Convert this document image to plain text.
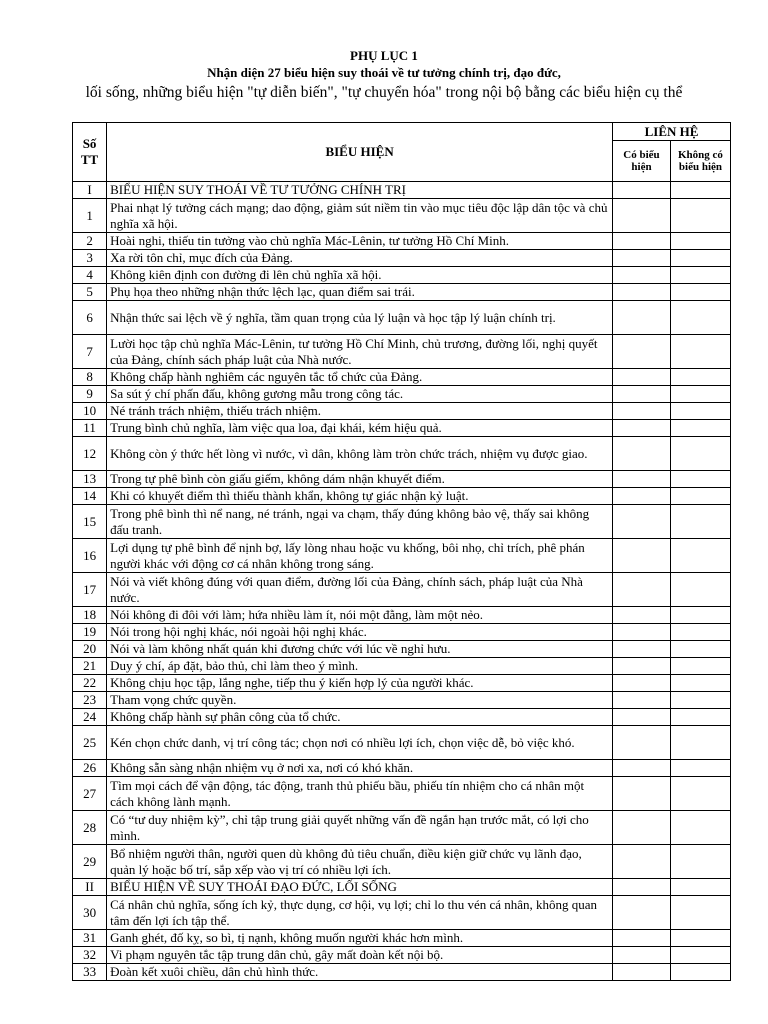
PHỤ LỤC 1
Nhận diện 27 biểu hiện suy thoái về tư tưởng chính trị, đạo đức,
lối sống, những biểu hiện "tự diễn biến", "tự chuyển hóa" trong nội bộ bằng các biểu hiện cụ thể
Số TT	BIỂU HIỆN	LIÊN HỆ	
		Có biểu hiện	Không có biểu hiện
I	BIỂU HIỆN SUY THOÁI VỀ TƯ TƯỞNG CHÍNH TRỊ		
1	Phai nhạt lý tưởng cách mạng; dao động, giảm sút niềm tin vào mục tiêu độc lập dân tộc và chủ nghĩa xã hội.		
2	Hoài nghi, thiếu tin tưởng vào chủ nghĩa Mác-Lênin, tư tưởng Hồ Chí Minh.		
3	Xa rời tôn chỉ, mục đích của Đảng.		
4	Không kiên định con đường đi lên chủ nghĩa xã hội.		
5	Phụ họa theo những nhận thức lệch lạc, quan điểm sai trái.		
6	Nhận thức sai lệch về ý nghĩa, tầm quan trọng của lý luận và học tập lý luận chính trị.		
7	Lười học tập chủ nghĩa Mác-Lênin, tư tưởng Hồ Chí Minh, chủ trương, đường lối, nghị quyết của Đảng, chính sách pháp luật của Nhà nước.		
8	Không chấp hành nghiêm các nguyên tắc tổ chức của Đảng.		
9	Sa sút ý chí phấn đấu, không gương mẫu trong công tác.		
10	Né tránh trách nhiệm, thiếu trách nhiệm.		
11	Trung bình chủ nghĩa, làm việc qua loa, đại khái, kém hiệu quả.		
12	Không còn ý thức hết lòng vì nước, vì dân, không làm tròn chức trách, nhiệm vụ được giao.		
13	Trong tự phê bình còn giấu giếm, không dám nhận khuyết điểm.		
14	Khi có khuyết điểm thì thiếu thành khẩn, không tự giác nhận kỷ luật.		
15	Trong phê bình thì nể nang, né tránh, ngại va chạm, thấy đúng không bảo vệ, thấy sai không đấu tranh.		
16	Lợi dụng tự phê bình để nịnh bợ, lấy lòng nhau hoặc vu khống, bôi nhọ, chỉ trích, phê phán người khác với động cơ cá nhân không trong sáng.		
17	Nói và viết không đúng với quan điểm, đường lối của Đảng, chính sách, pháp luật của Nhà nước.		
18	Nói không đi đôi với làm; hứa nhiều làm ít, nói một đằng, làm một nẻo.		
19	Nói trong hội nghị khác, nói ngoài hội nghị khác.		
20	Nói và làm không nhất quán khi đương chức với lúc về nghỉ hưu.		
21	Duy ý chí, áp đặt, bảo thủ, chỉ làm theo ý mình.		
22	Không chịu học tập, lắng nghe, tiếp thu ý kiến hợp lý của người khác.		
23	Tham vọng chức quyền.		
24	Không chấp hành sự phân công của tổ chức.		
25	Kén chọn chức danh, vị trí công tác; chọn nơi có nhiều lợi ích, chọn việc dễ, bỏ việc khó.		
26	Không sẵn sàng nhận nhiệm vụ ở nơi xa, nơi có khó khăn.		
27	Tìm mọi cách để vận động, tác động, tranh thủ phiếu bầu, phiếu tín nhiệm cho cá nhân một cách không lành mạnh.		
28	Có “tư duy nhiệm kỳ”, chỉ tập trung giải quyết những vấn đề ngắn hạn trước mắt, có lợi cho mình.		
29	Bổ nhiệm người thân, người quen dù không đủ tiêu chuẩn, điều kiện giữ chức vụ lãnh đạo, quản lý hoặc bố trí, sắp xếp vào vị trí có nhiều lợi ích.		
II	BIỂU HIỆN VỀ SUY THOÁI ĐẠO ĐỨC, LỐI SỐNG		
30	Cá nhân chủ nghĩa, sống ích kỷ, thực dụng, cơ hội, vụ lợi; chỉ lo thu vén cá nhân, không quan tâm đến lợi ích tập thể.		
31	Ganh ghét, đố kỵ, so bì, tị nạnh, không muốn người khác hơn mình.		
32	Vi phạm nguyên tắc tập trung dân chủ, gây mất đoàn kết nội bộ.		
33	Đoàn kết xuôi chiều, dân chủ hình thức.		
